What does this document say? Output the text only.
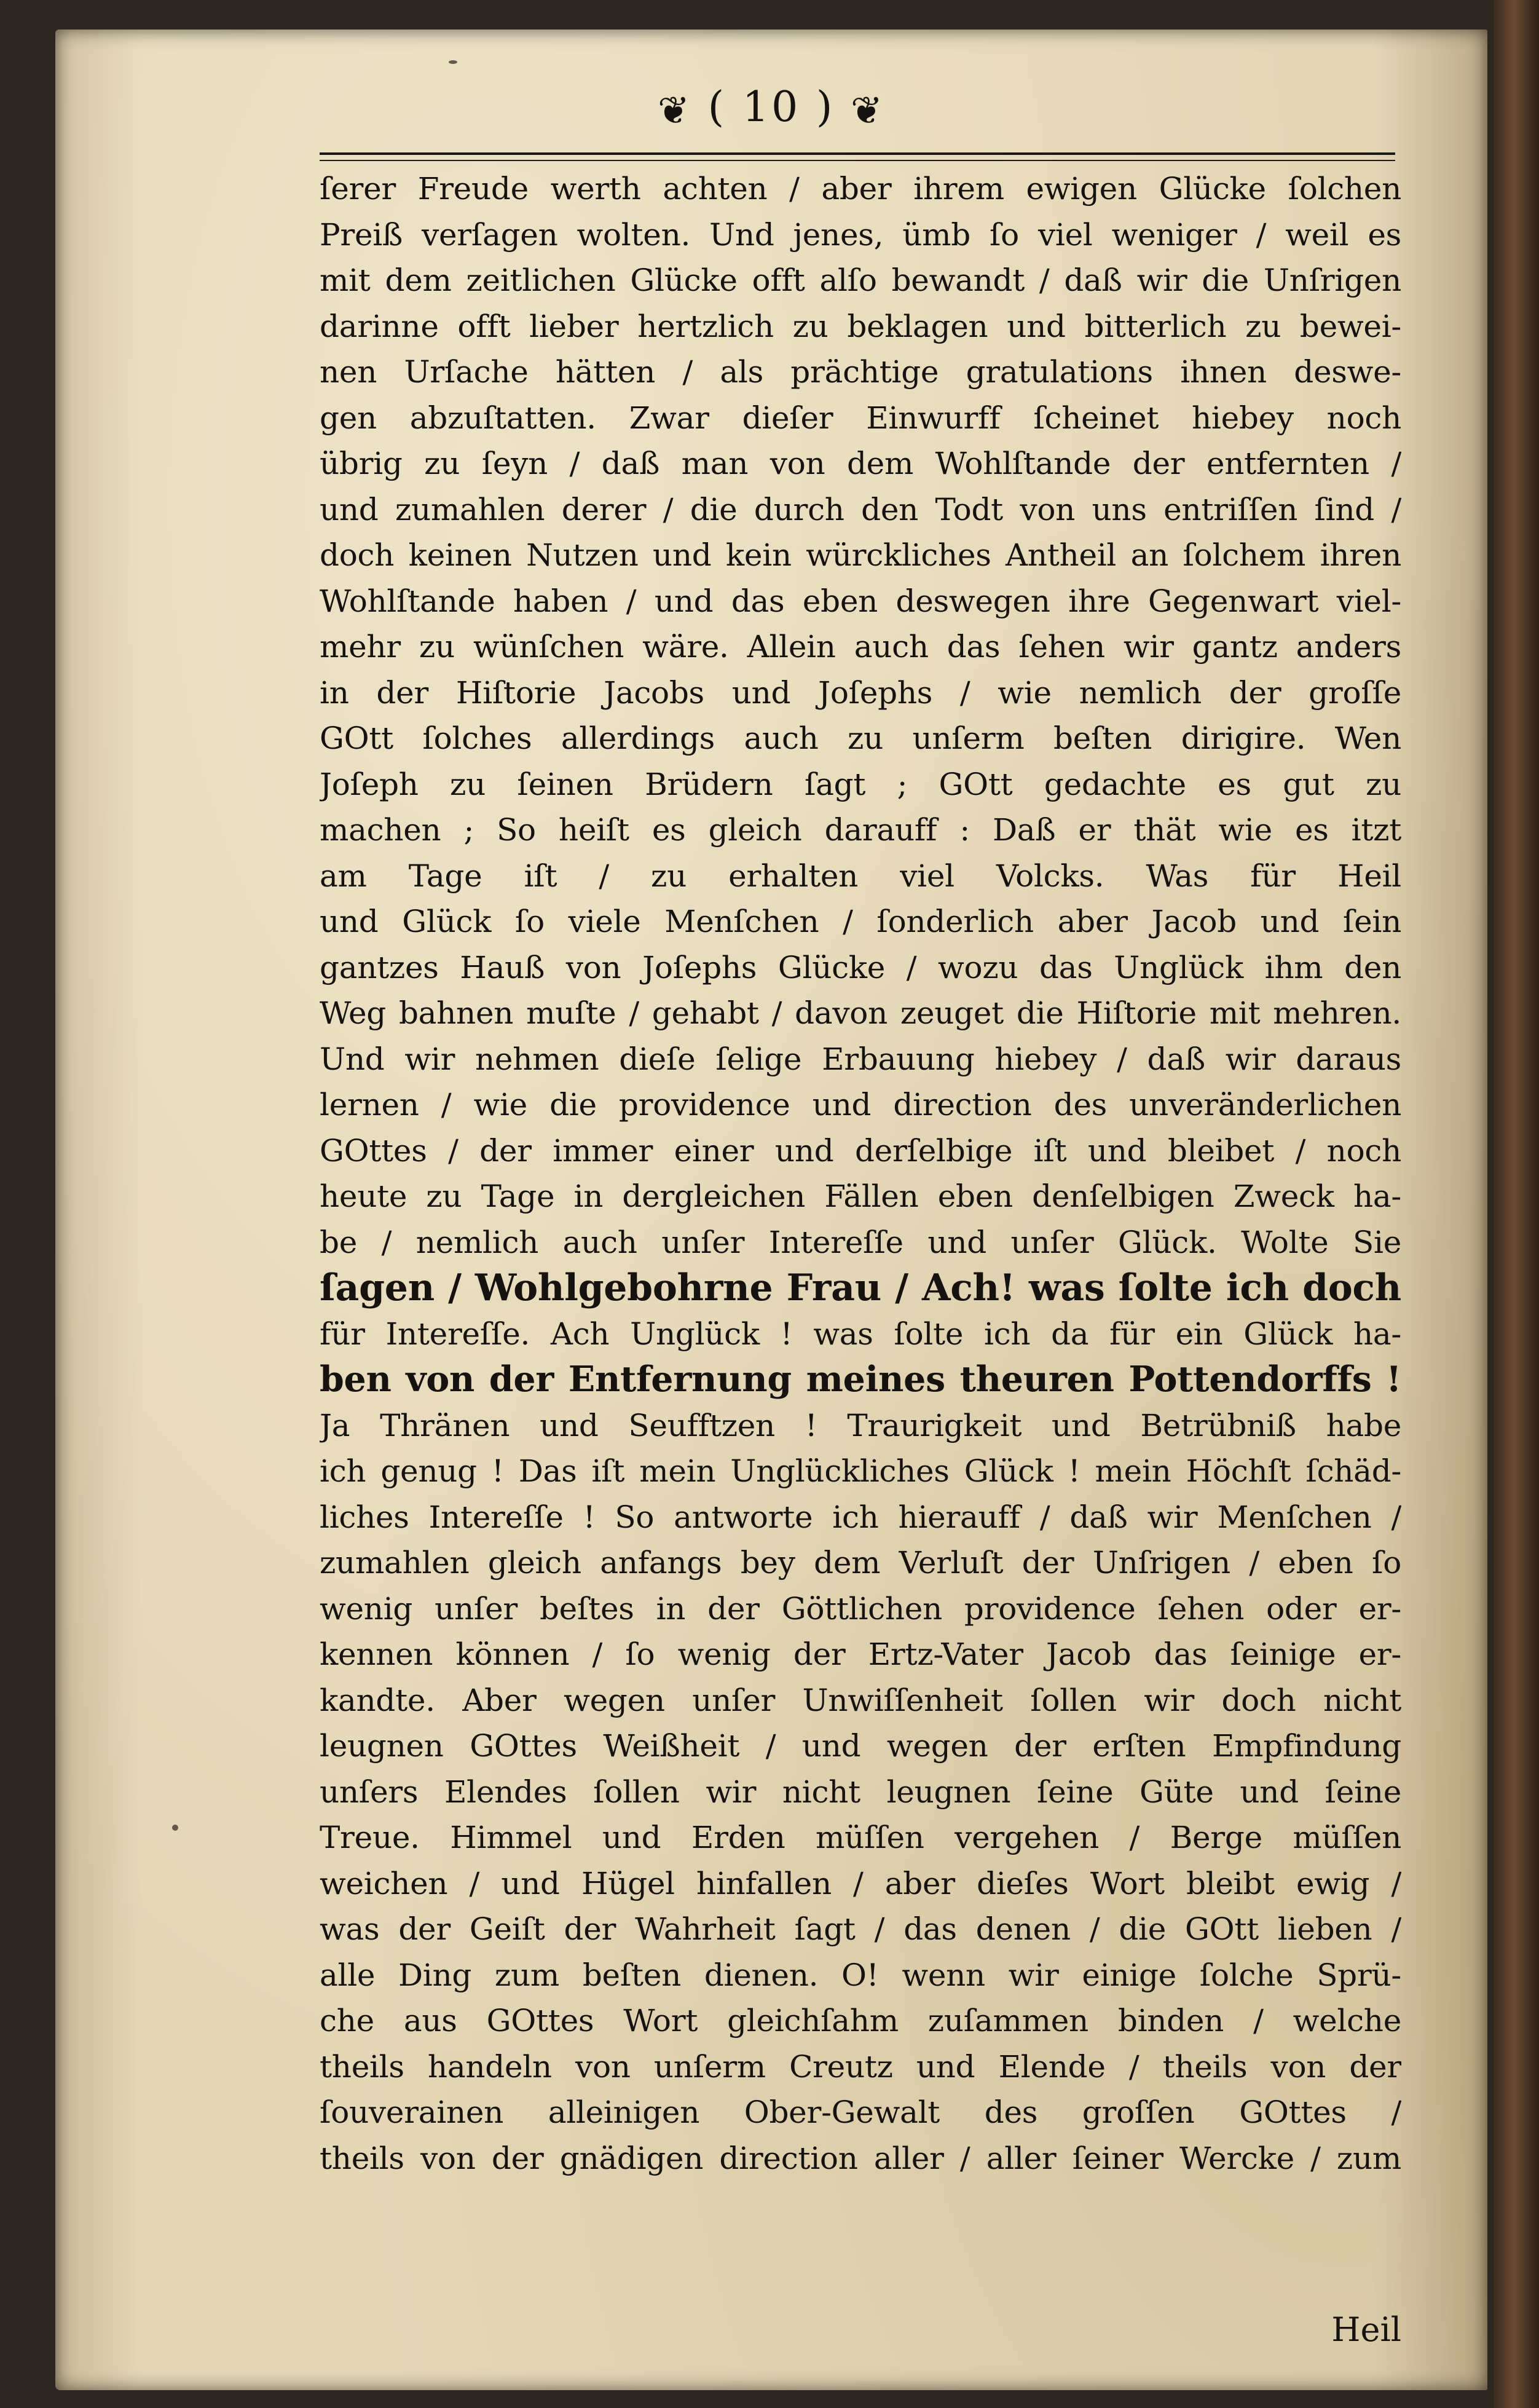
❦ ( 10 ) ❦
ſerer Freude werth achten / aber ihrem ewigen Glücke ſolchen
Preiß verſagen wolten. Und jenes, ümb ſo viel weniger / weil es
mit dem zeitlichen Glücke offt alſo bewandt / daß wir die Unſrigen
darinne offt lieber hertzlich zu beklagen und bitterlich zu bewei-
nen Urſache hätten / als prächtige gratulations ihnen deswe-
gen abzuſtatten. Zwar dieſer Einwurff ſcheinet hiebey noch
übrig zu ſeyn / daß man von dem Wohlſtande der entfernten /
und zumahlen derer / die durch den Todt von uns entriſſen ſind /
doch keinen Nutzen und kein würckliches Antheil an ſolchem ihren
Wohlſtande haben / und das eben deswegen ihre Gegenwart viel-
mehr zu wünſchen wäre. Allein auch das ſehen wir gantz anders
in der Hiſtorie Jacobs und Joſephs / wie nemlich der groſſe
GOtt ſolches allerdings auch zu unſerm beſten dirigire. Wen
Joſeph zu ſeinen Brüdern ſagt ; GOtt gedachte es gut zu
machen ; So heiſt es gleich darauff : Daß er thät wie es itzt
am Tage iſt / zu erhalten viel Volcks. Was für Heil
und Glück ſo viele Menſchen / ſonderlich aber Jacob und ſein
gantzes Hauß von Joſephs Glücke / wozu das Unglück ihm den
Weg bahnen muſte / gehabt / davon zeuget die Hiſtorie mit mehren.
Und wir nehmen dieſe ſelige Erbauung hiebey / daß wir daraus
lernen / wie die providence und direction des unveränderlichen
GOttes / der immer einer und derſelbige iſt und bleibet / noch
heute zu Tage in dergleichen Fällen eben denſelbigen Zweck ha-
be / nemlich auch unſer Intereſſe und unſer Glück. Wolte Sie
ſagen / Wohlgebohrne Frau / Ach! was ſolte ich doch
für Intereſſe. Ach Unglück ! was ſolte ich da für ein Glück ha-
ben von der Entfernung meines theuren Pottendorffs !
Ja Thränen und Seufftzen ! Traurigkeit und Betrübniß habe
ich genug ! Das iſt mein Unglückliches Glück ! mein Höchſt ſchäd-
liches Intereſſe ! So antworte ich hierauff / daß wir Menſchen /
zumahlen gleich anfangs bey dem Verluſt der Unſrigen / eben ſo
wenig unſer beſtes in der Göttlichen providence ſehen oder er-
kennen können / ſo wenig der Ertz-Vater Jacob das ſeinige er-
kandte. Aber wegen unſer Unwiſſenheit ſollen wir doch nicht
leugnen GOttes Weißheit / und wegen der erſten Empfindung
unſers Elendes ſollen wir nicht leugnen ſeine Güte und ſeine
Treue. Himmel und Erden müſſen vergehen / Berge müſſen
weichen / und Hügel hinfallen / aber dieſes Wort bleibt ewig /
was der Geiſt der Wahrheit ſagt / das denen / die GOtt lieben /
alle Ding zum beſten dienen. O! wenn wir einige ſolche Sprü-
che aus GOttes Wort gleichſahm zuſammen binden / welche
theils handeln von unſerm Creutz und Elende / theils von der
ſouverainen alleinigen Ober-Gewalt des groſſen GOttes /
theils von der gnädigen direction aller / aller ſeiner Wercke / zum
Heil
